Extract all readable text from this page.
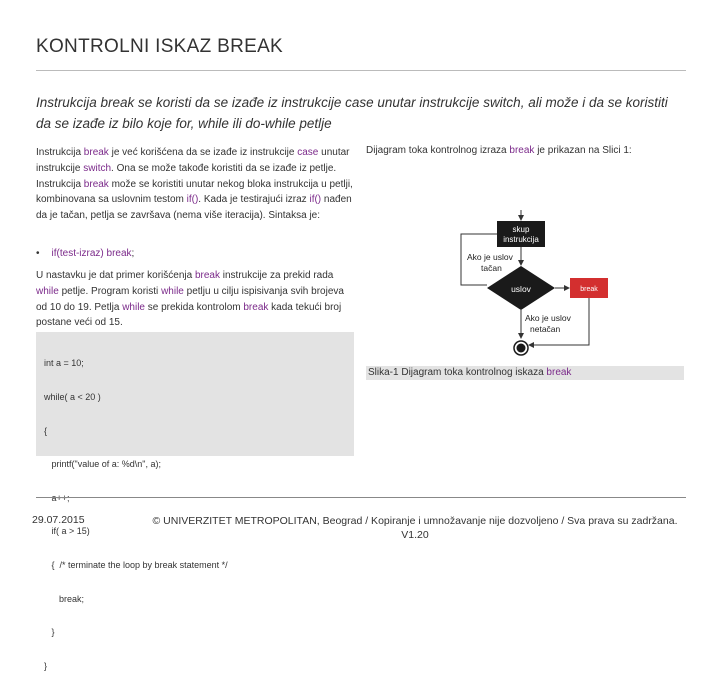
KONTROLNI ISKAZ BREAK
Instrukcija break se koristi da se izađe iz instrukcije case unutar instrukcije switch, ali može i da se koristiti da se izađe iz bilo koje for, while ili do-while petlje
Instrukcija break je već korišćena da se izađe iz instrukcije case unutar instrukcije switch. Ona se može takođe koristiti da se izađe iz petlje. Instrukcija break može se koristiti unutar nekog bloka instrukcija u petlji, kombinovana sa uslovnim testom if(). Kada je testirajući izraz if() nađen da je tačan, petlja se završava (nema više iteracija). Sintaksa je:
• if(test-izraz) break;
U nastavku je dat primer korišćenja break instrukcije za prekid rada while petlje. Program koristi while petlju u cilju ispisivanja svih brojeva od 10 do 19. Petlja while se prekida kontrolom break kada tekući broj postane veći od 15.

int a = 10;

while( a < 20 )

{

printf("value of a: %d\n", a);

if( a > 15)

{  /* terminate the loop by break statement */

break;

}

}

Dijagram toka kontrolnog izraza break je prikazan na Slici 1:
skup
instrukcija
Ako je uslov
tačan
uslov	break
Ako je uslov
netačan
Slika-1 Dijagram toka kontrolnog iskaza break
29.07.2015	© UNIVERZITET METROPOLITAN, Beograd / Kopiranje i umnožavanje nije dozvoljeno / Sva prava su zadržana.
V1.20
